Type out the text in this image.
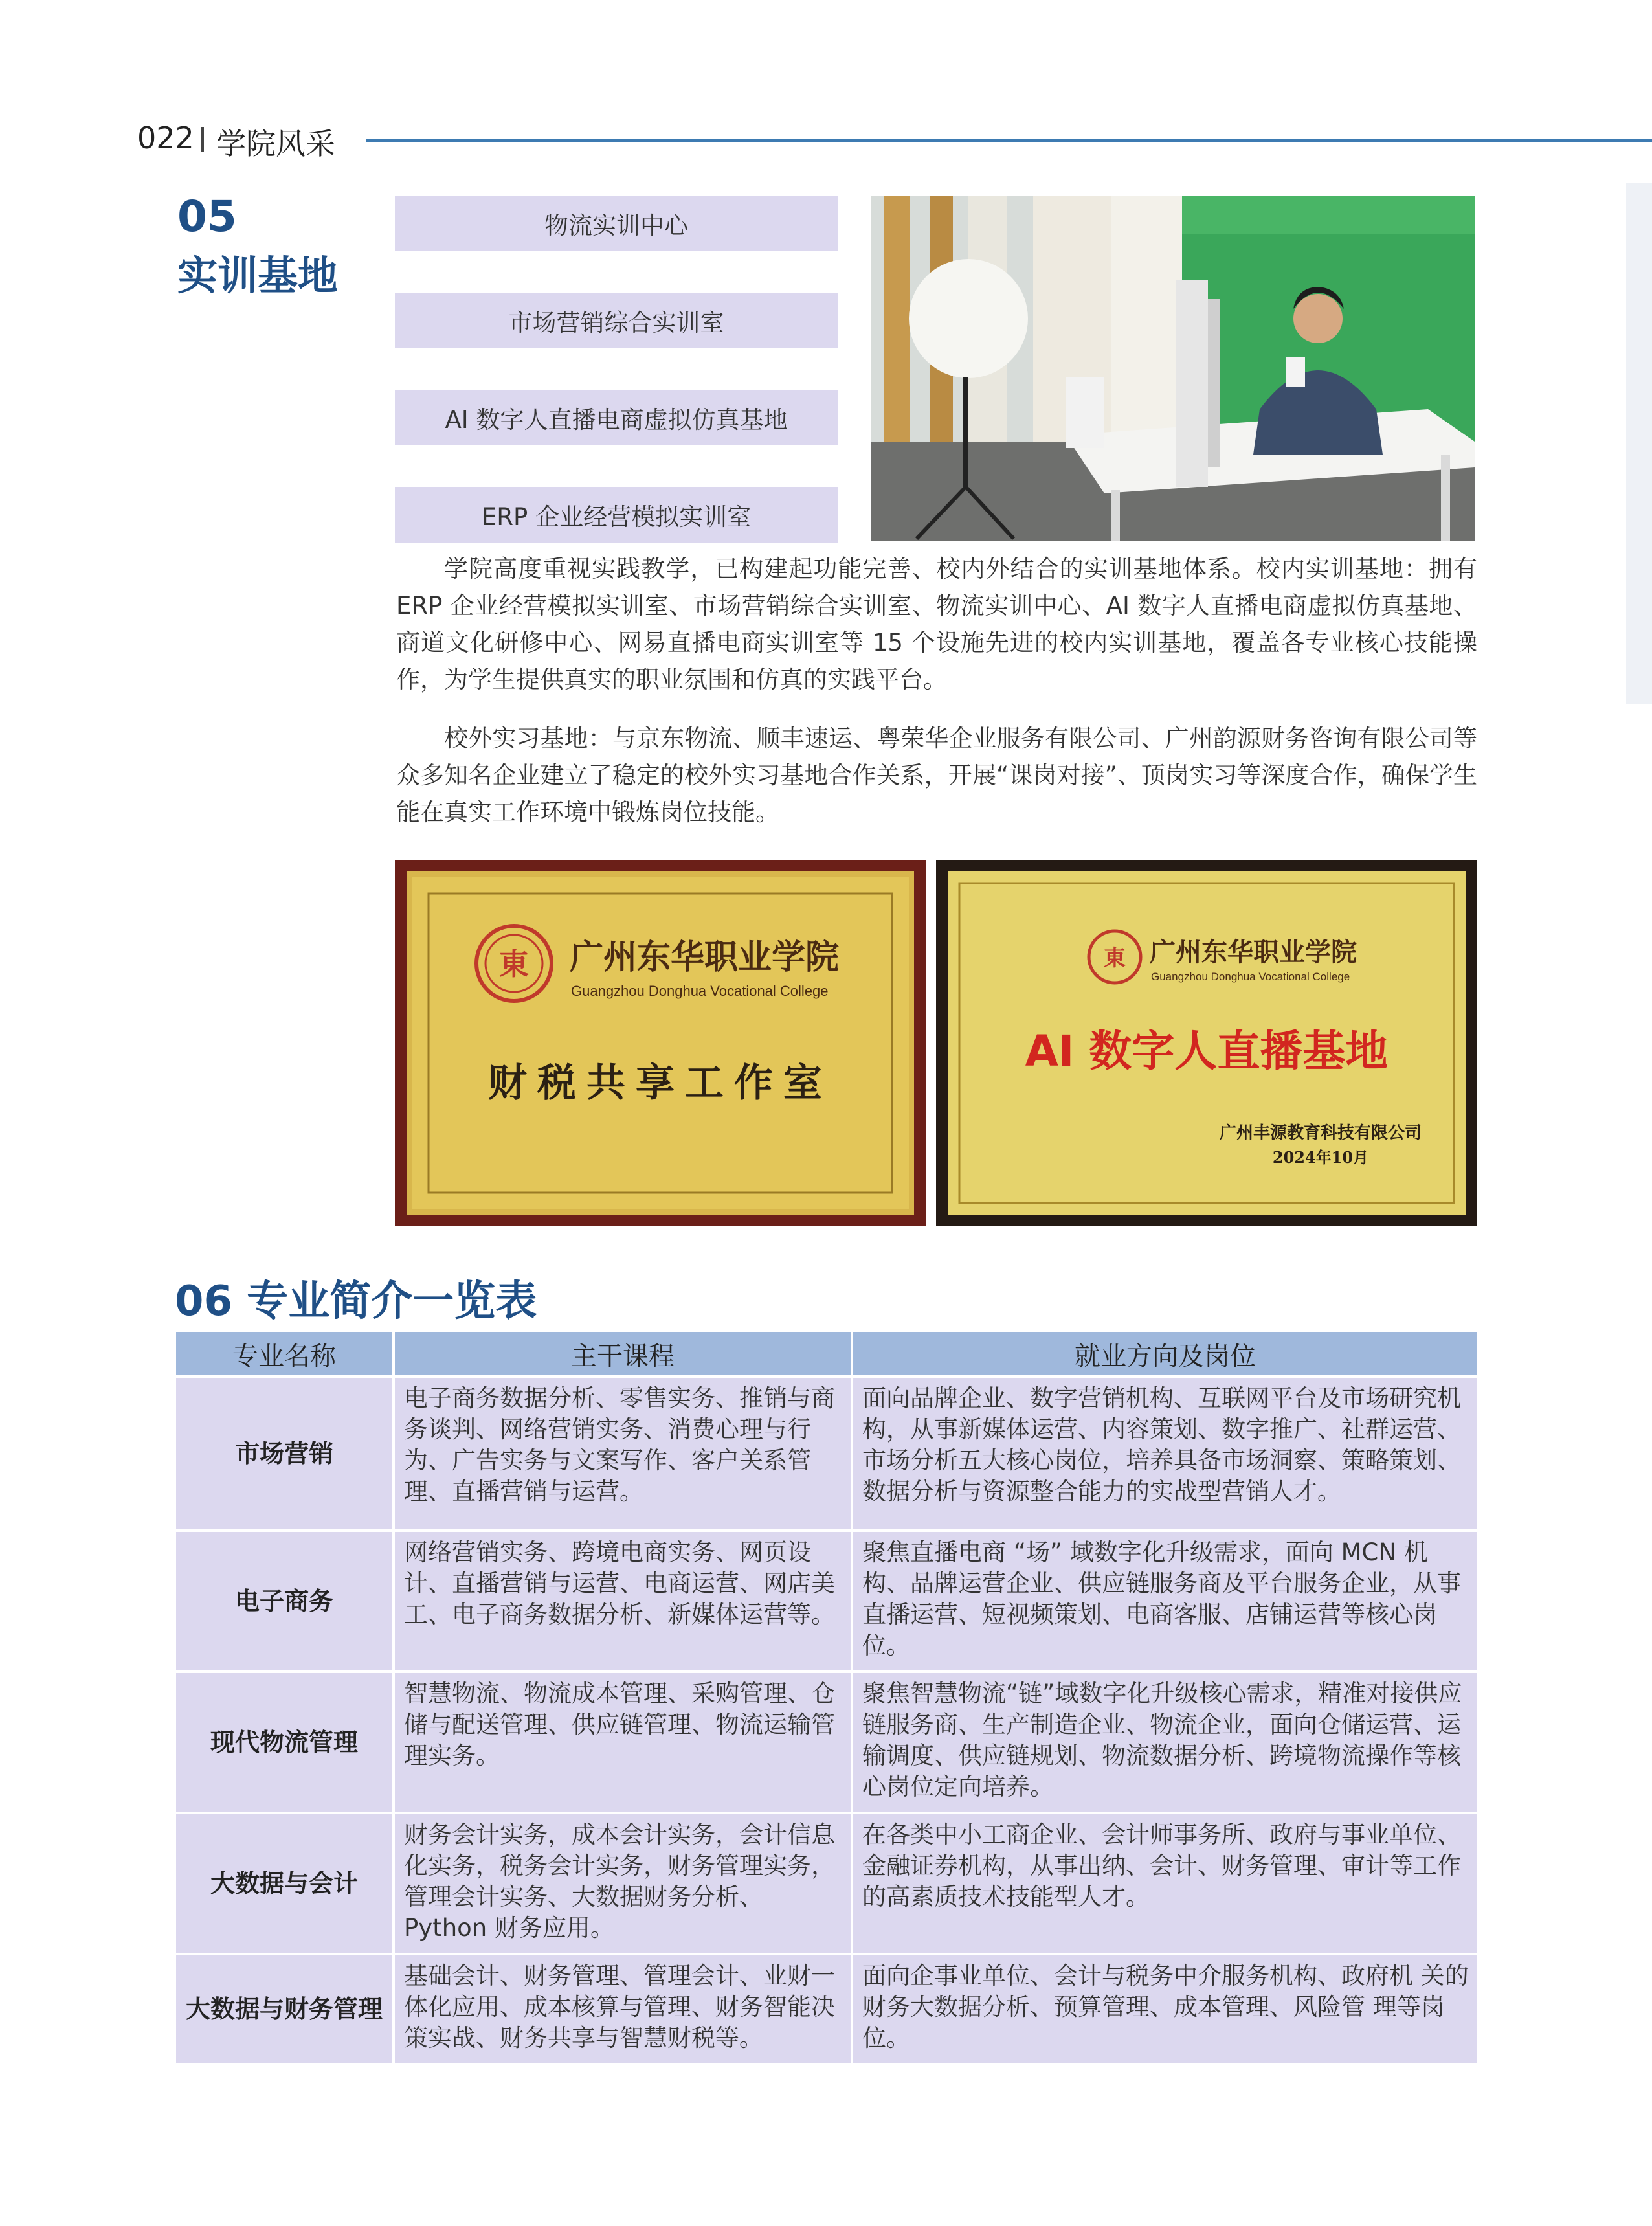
022 学院风采
05
实训基地
物流实训中心
市场营销综合实训室
AI 数字人直播电商虚拟仿真基地
ERP 企业经营模拟实训室

学院高度重视实践教学，已构建起功能完善、校内外结合的实训基地体系。校内实训基地：拥有 ERP 企业经营模拟实训室、市场营销综合实训室、物流实训中心、AI 数字人直播电商虚拟仿真基地、商道文化研修中心、网易直播电商实训室等 15 个设施先进的校内实训基地，覆盖各专业核心技能操作，为学生提供真实的职业氛围和仿真的实践平台。

校外实习基地：与京东物流、顺丰速运、粤荣华企业服务有限公司、广州韵源财务咨询有限公司等众多知名企业建立了稳定的校外实习基地合作关系，开展“课岗对接”、顶岗实习等深度合作，确保学生能在真实工作环境中锻炼岗位技能。

東 广州东华职业学院
Guangzhou Donghua Vocational College
财税共享工作室
東 广州东华职业学院
Guangzhou Donghua Vocational College
AI 数字人直播基地
广州丰源教育科技有限公司
2024年10月
06 专业简介一览表
专业名称	主干课程	就业方向及岗位
市场营销	电子商务数据分析、零售实务、推销与商务谈判、网络营销实务、消费心理与行为、广告实务与文案写作、客户关系管理、直播营销与运营。	面向品牌企业、数字营销机构、互联网平台及市场研究机构，从事新媒体运营、内容策划、数字推广、社群运营、市场分析五大核心岗位，培养具备市场洞察、策略策划、数据分析与资源整合能力的实战型营销人才。
电子商务	网络营销实务、跨境电商实务、网页设计、直播营销与运营、电商运营、网店美工、电子商务数据分析、新媒体运营等。	聚焦直播电商 “场” 域数字化升级需求，面向 MCN 机构、品牌运营企业、供应链服务商及平台服务企业，从事直播运营、短视频策划、电商客服、店铺运营等核心岗位。
现代物流管理	智慧物流、物流成本管理、采购管理、仓储与配送管理、供应链管理、物流运输管理实务。	聚焦智慧物流“链”域数字化升级核心需求，精准对接供应链服务商、生产制造企业、物流企业，面向仓储运营、运输调度、供应链规划、物流数据分析、跨境物流操作等核心岗位定向培养。
大数据与会计	财务会计实务，成本会计实务，会计信息化实务，税务会计实务，财务管理实务，管理会计实务、大数据财务分析、Python 财务应用。	在各类中小工商企业、会计师事务所、政府与事业单位、金融证券机构，从事出纳、会计、财务管理、审计等工作的高素质技术技能型人才。
大数据与财务管理	基础会计、财务管理、管理会计、业财一 体化应用、成本核算与管理、财务智能决 策实战、财务共享与智慧财税等。	面向企事业单位、会计与税务中介服务机构、政府机 关的财务大数据分析、预算管理、成本管理、风险管 理等岗位。
